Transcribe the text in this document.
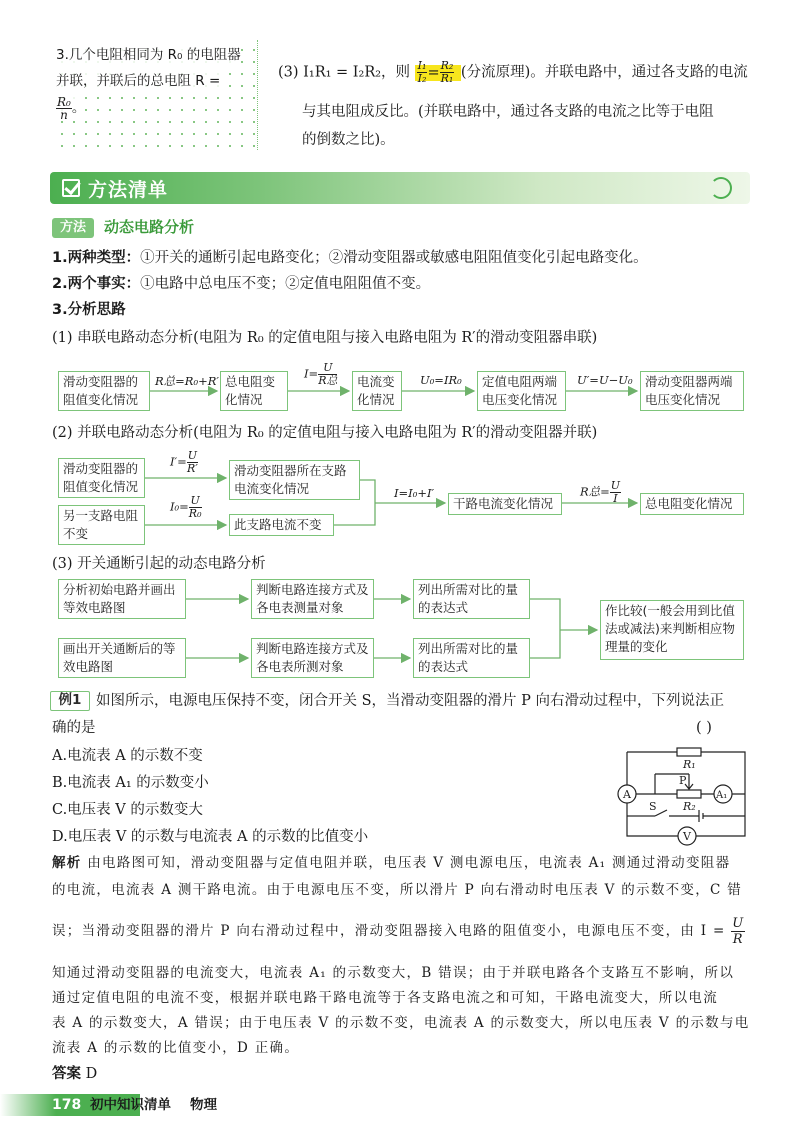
3.几个电阻相同为 R₀ 的电阻器
并联，并联后的总电阻 R =
$\frac{\text{R₀}}{n}$。
(3) I₁R₁ = I₂R₂，则 $\frac{\text{I₁}}{\text{I₂}}= \frac{\text{R₂}}{\text{R₁}}$ (分流原理)。并联电路中，通过各支路的电流
与其电阻成反比。(并联电路中，通过各支路的电流之比等于电阻
的倒数之比)。
方法清单
方法	动态电路分析
1.两种类型：①开关的通断引起电路变化；②滑动变阻器或敏感电阻阻值变化引起电路变化。
2.两个事实：①电路中总电压不变；②定值电阻阻值不变。
3.分析思路
(1) 串联电路动态分析(电阻为 R₀ 的定值电阻与接入电路电阻为 R′的滑动变阻器串联)
滑动变阻器的阻值变化情况
R总=R₀+R′ 总电阻变化情况
I= U
R总	电流变化情况
U₀=IR₀	定值电阻两端电压变化情况
U′=U−U₀ 滑动变阻器两端电压变化情况
(2) 并联电路动态分析(电阻为 R₀ 的定值电阻与接入电路电阻为 R′的滑动变阻器并联)
滑动变阻器的阻值变化情况
$I'= \frac{U}{R'}$	滑动变阻器所在支路电流变化情况
另一支路电阻不变
$I_0= \frac{U}{\text{R₀}}$
此支路电流不变
I=I₀+I′
干路电流变化情况
R总= $\frac{U}{I}$	总电阻变化情况
(3) 开关通断引起的动态电路分析
分析初始电路并画出等效电路图
判断电路连接方式及各电表测量对象
列出所需对比的量的表达式
画出开关通断后的等效电路图
判断电路连接方式及各电表所测对象
列出所需对比的量的表达式
作比较(一般会用到比值法或减法)来判断相应物理量的变化
例1	如图所示，电源电压保持不变，闭合开关 S，当滑动变阻器的滑片 P 向右滑动过程中，下列说法正
确的是	( )
A.电流表 A 的示数不变
B.电流表 A₁ 的示数变小
C.电压表 V 的示数变大
D.电压表 V 的示数与电流表 A 的示数的比值变小
A	A₁
V
R₁
R₂
P
S
解析 由电路图可知，滑动变阻器与定值电阻并联，电压表 V 测电源电压，电流表 A₁ 测通过滑动变阻器
的电流，电流表 A 测干路电流。由于电源电压不变，所以滑片 P 向右滑动时电压表 V 的示数不变，C 错
误；当滑动变阻器的滑片 P 向右滑动过程中，滑动变阻器接入电路的阻值变小，电源电压不变，由 $I = \frac{U}{R}$
知通过滑动变阻器的电流变大，电流表 A₁ 的示数变大，B 错误；由于并联电路各个支路互不影响，所以
通过定值电阻的电流不变，根据并联电路干路电流等于各支路电流之和可知，干路电流变大，所以电流
表 A 的示数变大，A 错误；由于电压表 V 的示数不变，电流表 A 的示数变大，所以电压表 V 的示数与电
流表 A 的示数的比值变小，D 正确。
答案 D
178 初中知识清单 物理
